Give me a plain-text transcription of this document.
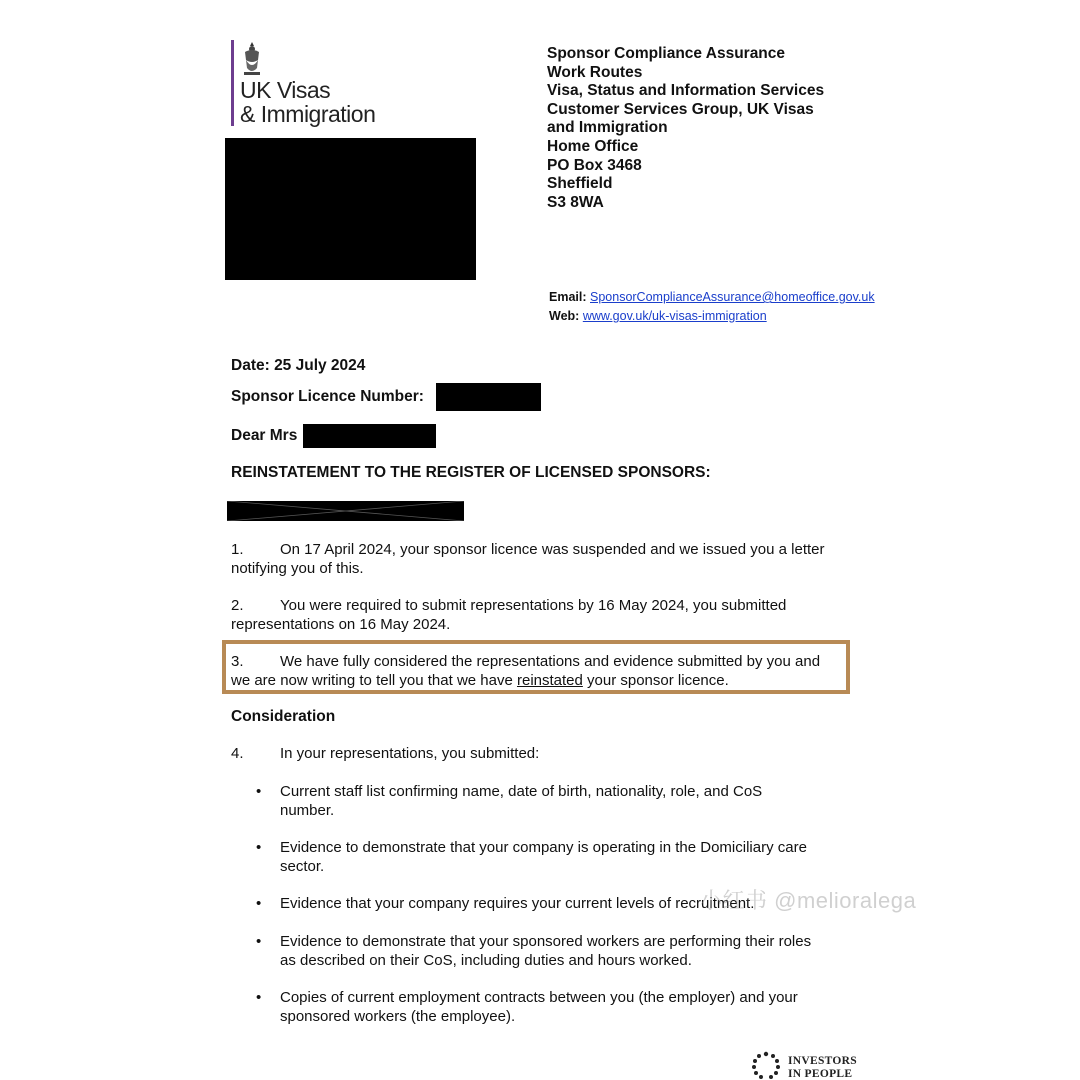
UK Visas
& Immigration
Sponsor Compliance Assurance
Work Routes
Visa, Status and Information Services
Customer Services Group, UK Visas
and Immigration
Home Office
PO Box 3468
Sheffield
S3 8WA
Email: SponsorComplianceAssurance@homeoffice.gov.uk
Web: www.gov.uk/uk-visas-immigration
Date: 25 July 2024
Sponsor Licence Number:
Dear Mrs
REINSTATEMENT TO THE REGISTER OF LICENSED SPONSORS:
1. On 17 April 2024, your sponsor licence was suspended and we issued you a letter notifying you of this.
2. You were required to submit representations by 16 May 2024, you submitted representations on 16 May 2024.
3. We have fully considered the representations and evidence submitted by you and we are now writing to tell you that we have reinstated your sponsor licence.
Consideration
4. In your representations, you submitted:
• Current staff list confirming name, date of birth, nationality, role, and CoS number.
• Evidence to demonstrate that your company is operating in the Domiciliary care sector.
• Evidence that your company requires your current levels of recruitment.
• Evidence to demonstrate that your sponsored workers are performing their roles as described on their CoS, including duties and hours worked.
• Copies of current employment contracts between you (the employer) and your sponsored workers (the employee).
小红书 @melioralega
INVESTORS
IN PEOPLE
